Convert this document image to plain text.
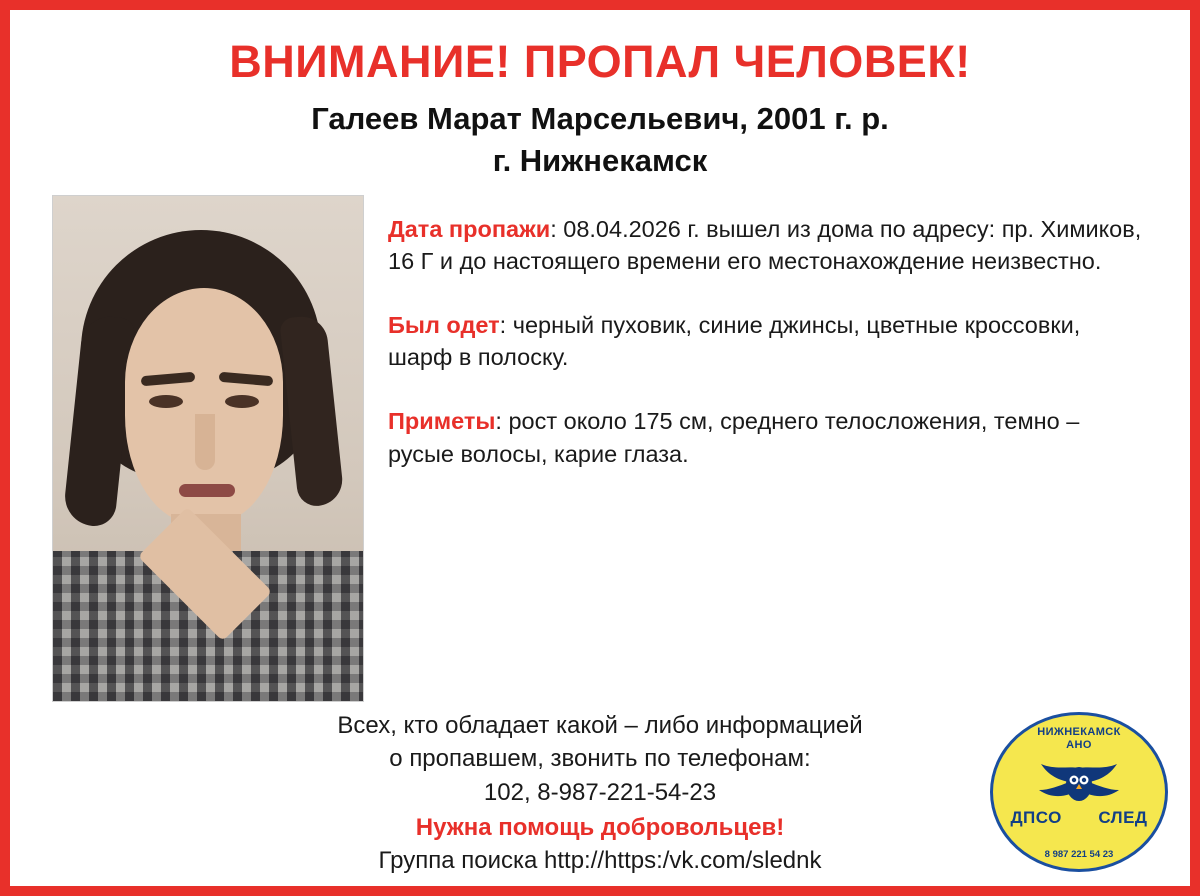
ВНИМАНИЕ! ПРОПАЛ ЧЕЛОВЕК!
Галеев Марат Марсельевич, 2001 г. р.
г. Нижнекамск

Дата пропажи: 08.04.2026 г. вышел из дома по адресу: пр. Химиков, 16 Г и до настоящего времени его местонахождение неизвестно.

Был одет: черный пуховик, синие джинсы, цветные кроссовки, шарф в полоску.

Приметы: рост около 175 см, среднего телосложения, темно – русые волосы, карие глаза.

Всех, кто обладает какой – либо информацией
о пропавшем, звонить по телефонам:
102, 8-987-221-54-23
Нужна помощь добровольцев!
Группа поиска http://https:/vk.com/slednk
НИЖНЕКАМСК
АНО
ДПСО СЛЕД
8 987 221 54 23
